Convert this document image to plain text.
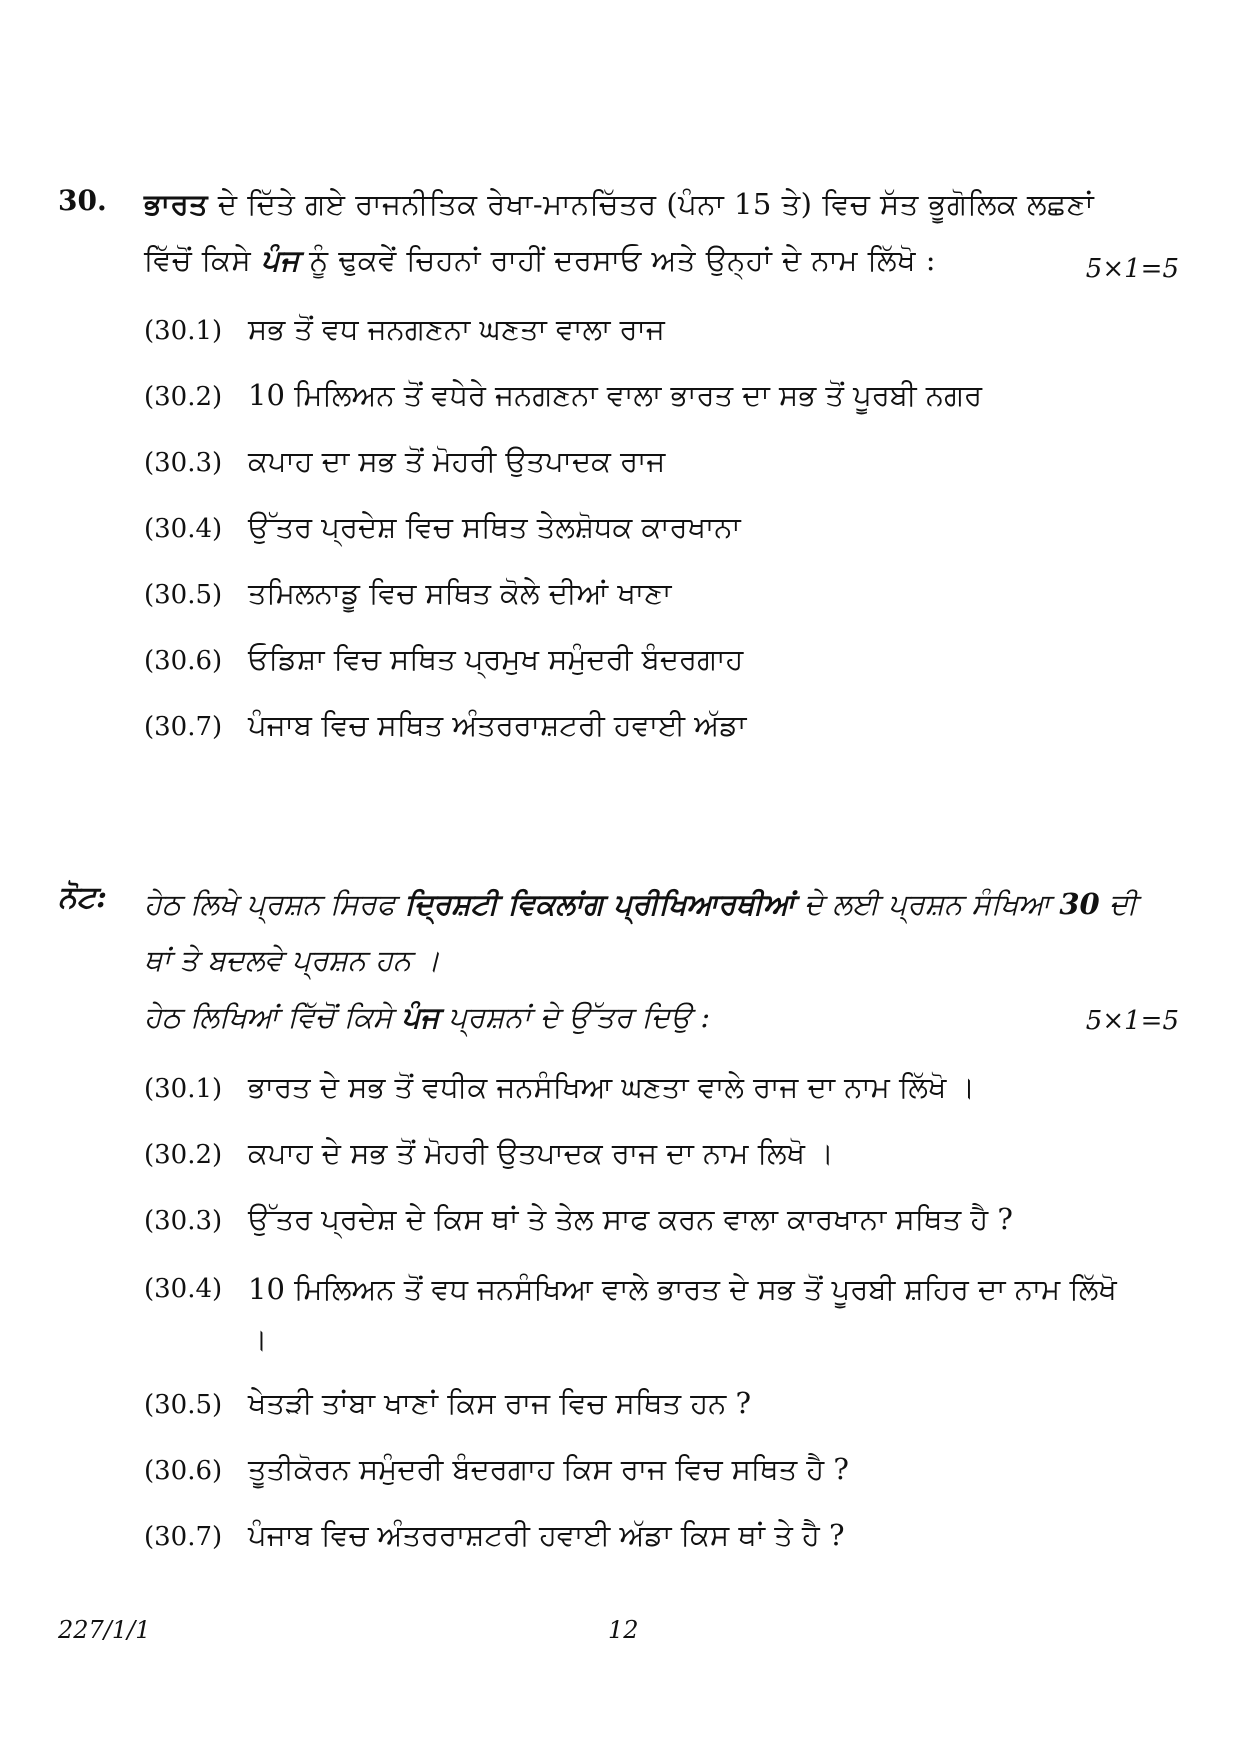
30. ਭਾਰਤ ਦੇ ਦਿੱਤੇ ਗਏ ਰਾਜਨੀਤਿਕ ਰੇਖਾ-ਮਾਨਚਿੱਤਰ (ਪੰਨਾ 15 ਤੇ) ਵਿਚ ਸੱਤ ਭੂਗੋਲਿਕ ਲਛਣਾਂ ਵਿੱਚੋਂ ਕਿਸੇ ਪੰਜ ਨੂੰ ਢੁਕਵੇਂ ਚਿਹਨਾਂ ਰਾਹੀਂ ਦਰਸਾਓ ਅਤੇ ਉਨ੍ਹਾਂ ਦੇ ਨਾਮ ਲਿੱਖੋ :	5×1=5
(30.1) ਸਭ ਤੋਂ ਵਧ ਜਨਗਣਨਾ ਘਣਤਾ ਵਾਲਾ ਰਾਜ
(30.2) 10 ਮਿਲਿਅਨ ਤੋਂ ਵਧੇਰੇ ਜਨਗਣਨਾ ਵਾਲਾ ਭਾਰਤ ਦਾ ਸਭ ਤੋਂ ਪੂਰਬੀ ਨਗਰ
(30.3) ਕਪਾਹ ਦਾ ਸਭ ਤੋਂ ਮੋਹਰੀ ਉਤਪਾਦਕ ਰਾਜ
(30.4) ਉੱਤਰ ਪ੍ਰਦੇਸ਼ ਵਿਚ ਸਥਿਤ ਤੇਲਸ਼ੋਧਕ ਕਾਰਖਾਨਾ
(30.5) ਤਮਿਲਨਾਡੂ ਵਿਚ ਸਥਿਤ ਕੋਲੇ ਦੀਆਂ ਖਾਣਾ
(30.6) ਓਡਿਸ਼ਾ ਵਿਚ ਸਥਿਤ ਪ੍ਰਮੁਖ ਸਮੁੰਦਰੀ ਬੰਦਰਗਾਹ
(30.7) ਪੰਜਾਬ ਵਿਚ ਸਥਿਤ ਅੰਤਰਰਾਸ਼ਟਰੀ ਹਵਾਈ ਅੱਡਾ
ਨੋਟ: ਹੇਠ ਲਿਖੇ ਪ੍ਰਸ਼ਨ ਸਿਰਫ ਦ੍ਰਿਸ਼ਟੀ ਵਿਕਲਾਂਗ ਪ੍ਰੀਖਿਆਰਥੀਆਂ ਦੇ ਲਈ ਪ੍ਰਸ਼ਨ ਸੰਖਿਆ 30 ਦੀ ਥਾਂ ਤੇ ਬਦਲਵੇ ਪ੍ਰਸ਼ਨ ਹਨ ।
ਹੇਠ ਲਿਖਿਆਂ ਵਿੱਚੋਂ ਕਿਸੇ ਪੰਜ ਪ੍ਰਸ਼ਨਾਂ ਦੇ ਉੱਤਰ ਦਿਉ :	5×1=5
(30.1) ਭਾਰਤ ਦੇ ਸਭ ਤੋਂ ਵਧੀਕ ਜਨਸੰਖਿਆ ਘਣਤਾ ਵਾਲੇ ਰਾਜ ਦਾ ਨਾਮ ਲਿੱਖੋ ।
(30.2) ਕਪਾਹ ਦੇ ਸਭ ਤੋਂ ਮੋਹਰੀ ਉਤਪਾਦਕ ਰਾਜ ਦਾ ਨਾਮ ਲਿਖੋ ।
(30.3) ਉੱਤਰ ਪ੍ਰਦੇਸ਼ ਦੇ ਕਿਸ ਥਾਂ ਤੇ ਤੇਲ ਸਾਫ ਕਰਨ ਵਾਲਾ ਕਾਰਖਾਨਾ ਸਥਿਤ ਹੈ ?
(30.4) 10 ਮਿਲਿਅਨ ਤੋਂ ਵਧ ਜਨਸੰਖਿਆ ਵਾਲੇ ਭਾਰਤ ਦੇ ਸਭ ਤੋਂ ਪੂਰਬੀ ਸ਼ਹਿਰ ਦਾ ਨਾਮ ਲਿੱਖੋ ।
(30.5) ਖੇਤੜੀ ਤਾਂਬਾ ਖਾਣਾਂ ਕਿਸ ਰਾਜ ਵਿਚ ਸਥਿਤ ਹਨ ?
(30.6) ਤੂਤੀਕੋਰਨ ਸਮੁੰਦਰੀ ਬੰਦਰਗਾਹ ਕਿਸ ਰਾਜ ਵਿਚ ਸਥਿਤ ਹੈ ?
(30.7) ਪੰਜਾਬ ਵਿਚ ਅੰਤਰਰਾਸ਼ਟਰੀ ਹਵਾਈ ਅੱਡਾ ਕਿਸ ਥਾਂ ਤੇ ਹੈ ?
227/1/1	12
